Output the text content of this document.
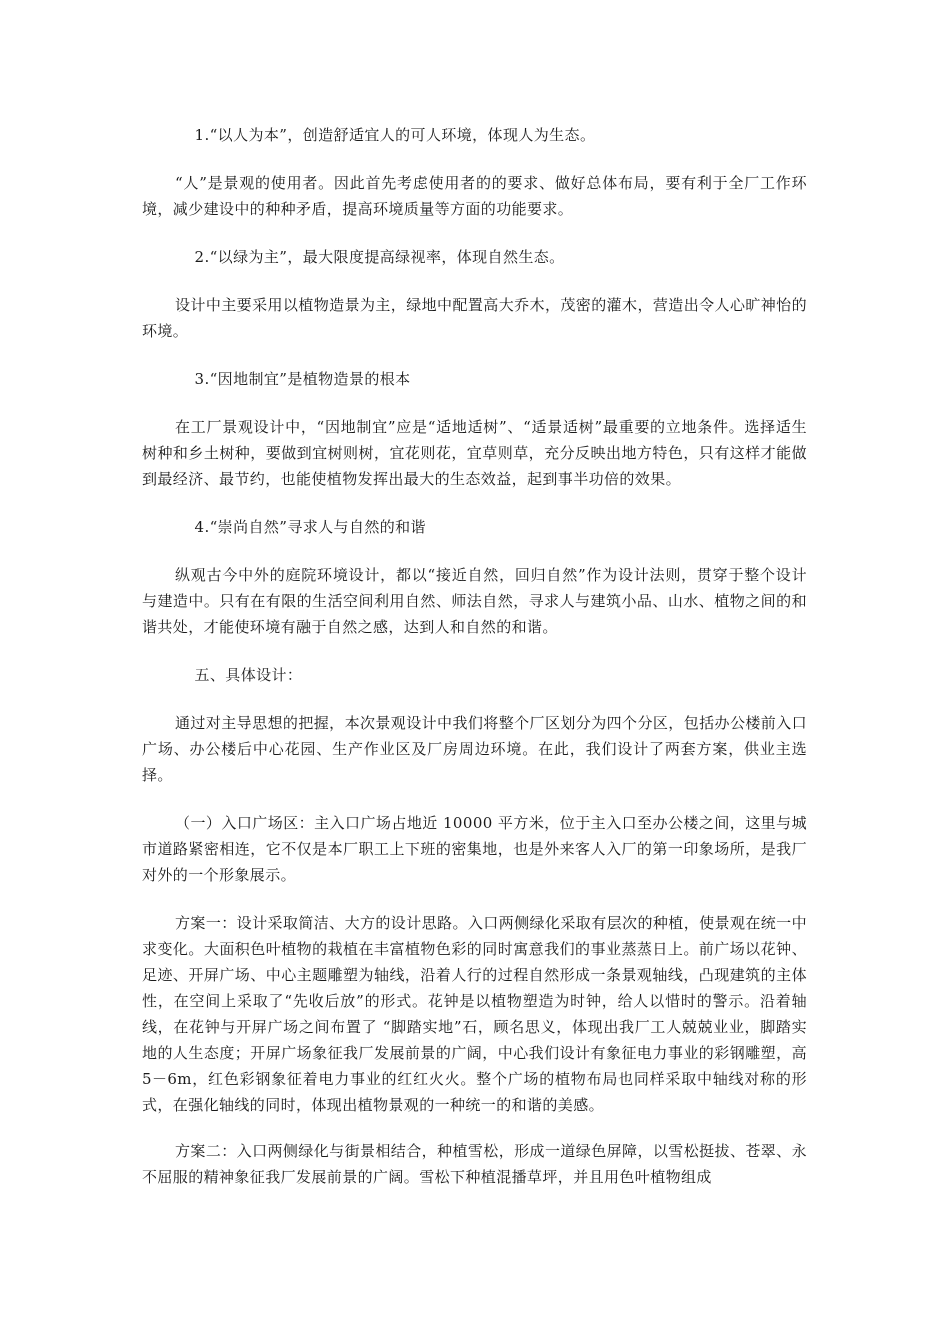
1.“以人为本”，创造舒适宜人的可人环境，体现人为生态。

“人”是景观的使用者。因此首先考虑使用者的的要求、做好总体布局，要有利于全厂工作环境，减少建设中的种种矛盾，提高环境质量等方面的功能要求。

2.“以绿为主”，最大限度提高绿视率，体现自然生态。

设计中主要采用以植物造景为主，绿地中配置高大乔木，茂密的灌木，营造出令人心旷神怡的环境。

3.“因地制宜”是植物造景的根本

在工厂景观设计中，“因地制宜”应是“适地适树”、“适景适树”最重要的立地条件。选择适生树种和乡土树种，要做到宜树则树，宜花则花，宜草则草，充分反映出地方特色，只有这样才能做到最经济、最节约，也能使植物发挥出最大的生态效益，起到事半功倍的效果。

4.“崇尚自然”寻求人与自然的和谐

纵观古今中外的庭院环境设计，都以“接近自然，回归自然”作为设计法则，贯穿于整个设计与建造中。只有在有限的生活空间利用自然、师法自然，寻求人与建筑小品、山水、植物之间的和谐共处，才能使环境有融于自然之感，达到人和自然的和谐。

五、具体设计：

通过对主导思想的把握，本次景观设计中我们将整个厂区划分为四个分区，包括办公楼前入口广场、办公楼后中心花园、生产作业区及厂房周边环境。在此，我们设计了两套方案，供业主选择。

（一）入口广场区：主入口广场占地近 10000 平方米，位于主入口至办公楼之间，这里与城市道路紧密相连，它不仅是本厂职工上下班的密集地，也是外来客人入厂的第一印象场所，是我厂对外的一个形象展示。

方案一：设计采取简洁、大方的设计思路。入口两侧绿化采取有层次的种植，使景观在统一中求变化。大面积色叶植物的栽植在丰富植物色彩的同时寓意我们的事业蒸蒸日上。前广场以花钟、足迹、开屏广场、中心主题雕塑为轴线，沿着人行的过程自然形成一条景观轴线，凸现建筑的主体性，在空间上采取了“先收后放”的形式。花钟是以植物塑造为时钟，给人以惜时的警示。沿着轴线，在花钟与开屏广场之间布置了 “脚踏实地”石，顾名思义，体现出我厂工人兢兢业业，脚踏实地的人生态度；开屏广场象征我厂发展前景的广阔，中心我们设计有象征电力事业的彩钢雕塑，高 5－6m，红色彩钢象征着电力事业的红红火火。整个广场的植物布局也同样采取中轴线对称的形式，在强化轴线的同时，体现出植物景观的一种统一的和谐的美感。

方案二：入口两侧绿化与街景相结合，种植雪松，形成一道绿色屏障，以雪松挺拔、苍翠、永不屈服的精神象征我厂发展前景的广阔。雪松下种植混播草坪，并且用色叶植物组成
